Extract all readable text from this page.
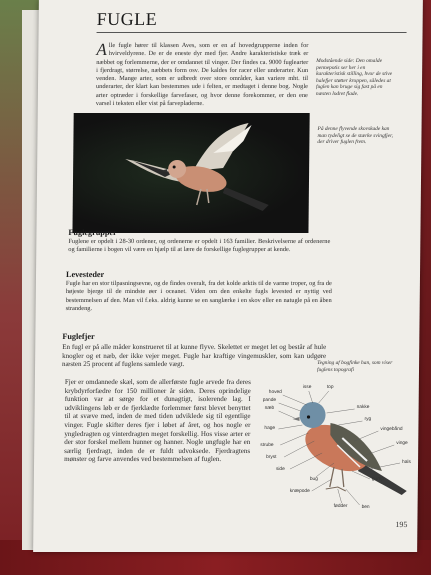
FUGLE

Alle fugle hører til klassen Aves, som er en af hovedgrupperne inden for hvirveldyrene. De er de eneste dyr med fjer. Andre karakteristiske træk er næbbet og forlemmerne, der er omdannet til vinger. Der findes ca. 9000 fuglearter i fjerdragt, størrelse, næbbets form osv. De kaldes for racer eller underarter. Kun venden. Mange arter, som er udbredt over store områder, kan variere mht. til underarter, der klart kan bestemmes ude i felten, er medtaget i denne bog. Nogle arter optræder i forskellige farvefaser, og hvor denne forekommer, er den ene varsel i teksten eller vist på farvepladerne.

Modstående side: Den omalde pennepotis ser her i en karakteristisk stilling, hvor de stive halefjer støtter kroppen, således at fuglen kan bruge sig fast på en næsten lodret flade.
På denne flyvende skovskade kan man tydeligt se de stærke svingfjer, der driver fuglen frem.
Fuglegrupper

Fuglene er opdelt i 28-30 ordener, og ordenerne er opdelt i 163 familier. Beskrivelserne af ordenerne og familierne i bogen vil være en hjælp til at lære de forskellige fuglegrupper at kende.

Levesteder

Fugle har en stor tilpasningsevne, og de findes overalt, fra det kolde arktis til de varme troper, og fra de højeste bjerge til de mindste øer i oceanet. Viden om den enkelte fugls levested er nyttig ved bestemmelsen af den. Man vil f.eks. aldrig kunne se en sanglærke i en skov eller en natugle på en åben strandeng.

Fuglefjer

En fugl er på alle måder konstrueret til at kunne flyve. Skelettet er meget let og består af hule knogler og et næb, der ikke vejer meget. Fugle har kraftige vingemuskler, som kan udgøre næsten 25 procent af fuglens samlede vægt.

Fjer er omdannede skæl, som de allerførste fugle arvede fra deres krybdyrforfædre for 150 millioner år siden. Deres oprindelige funktion var at sørge for et dunagtigt, isolerende lag. I udviklingens løb er de fjerklædte forlemmer først blevet benyttet til at svæve med, inden de med tiden udviklede sig til egentlige vinger. Fugle skifter deres fjer i løbet af året, og hos nogle er yngledragten og vinterdragten meget forskellig. Hos visse arter er der stor forskel mellem hunner og hanner. Nogle ungfugle har en særlig fjerdragt, inden de er fuldt udvoksede. Fjerdragtens mønster og farve anvendes ved bestemmelsen af fuglen.

Tegning af bogfinke han, som viser fuglens topografi
isse	top
hoved
pande
næb	nakke
ryg
vingebånd
hage
vinge
strube
hals
bryst
side
bug	gump
knæpode
fødder	ben
195
